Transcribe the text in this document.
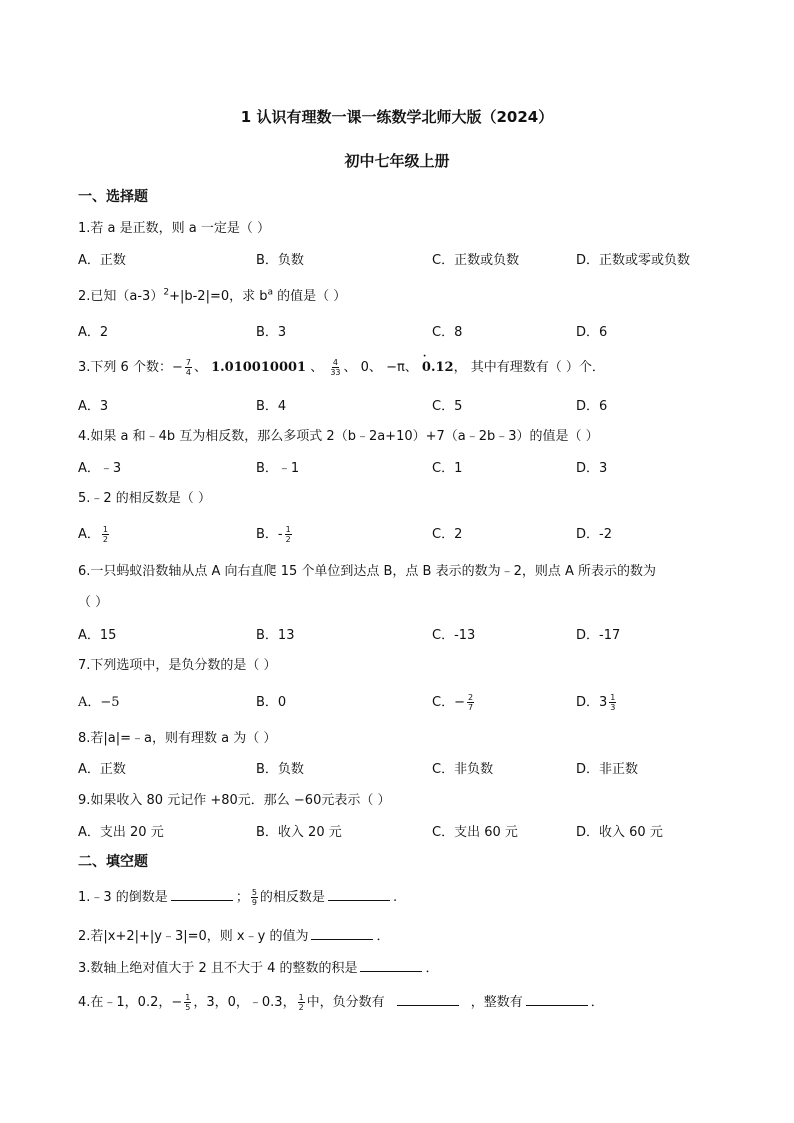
1 认识有理数一课一练数学北师大版（2024）
初中七年级上册
一、选择题
1.若 a 是正数，则 a 一定是（ ）
A．正数	B．负数	C．正数或负数	D．正数或零或负数
2.已知$(a-3)^2+|b-2|=0$，求 $b^a$ 的值是（ ）
A．2	B．3	C．8	D．6
3.下列 6 个数：− $\frac{7}{4}$ 、 1.010010001 、 $\frac{4}{33}$ 、 0、 −π、 · 0.12， 其中有理数有（ ）个．
A．3	B．4	C．5	D．6
4.如果 a 和﹣4b 互为相反数，那么多项式 2（b﹣2a+10）+7（a﹣2b﹣3）的值是（ ）
A．﹣3	B．﹣1	C．1	D．3
5.﹣2 的相反数是（ ）
A． $\frac{1}{2}$	B．- $\frac{1}{2}$	C．2	D．-2
6.一只蚂蚁沿数轴从点 A 向右直爬 15 个单位到达点 B，点 B 表示的数为﹣2，则点 A 所表示的数为
（ ）
A．15	B．13	C．-13	D．-17
7.下列选项中，是负分数的是（ ）
A．−5	B．0	C．− $\frac{2}{7}$	D．$3 \frac{1}{3}$
8.若|a|=﹣a，则有理数 a 为（ ）
A．正数	B．负数	C．非负数	D．非正数
9.如果收入 80 元记作 +80元．那么 −60元表示（ ）
A．支出 20 元	B．收入 20 元	C．支出 60 元	D．收入 60 元
二、填空题
1.﹣3 的倒数是	； $\frac{5}{9}$ 的相反数是	.
2.若|x+2|+|y﹣3|=0，则 x﹣y 的值为	．
3.数轴上绝对值大于 2 且不大于 4 的整数的积是	．
4.在﹣1，0.2，− $\frac{1}{5}$ ，3，0，﹣0.3， $\frac{1}{2}$ 中，负分数有	，整数有	．
